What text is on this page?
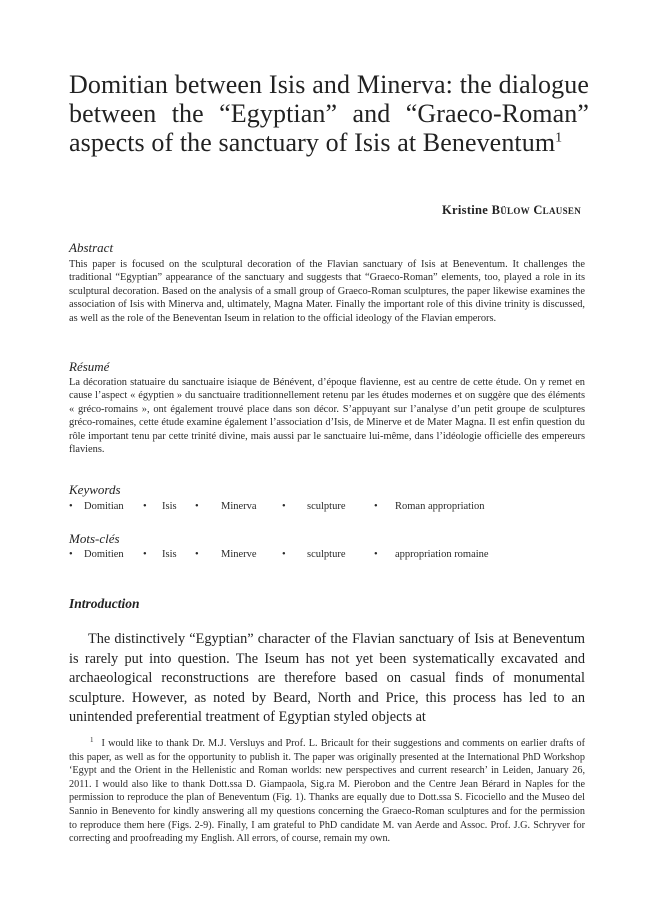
Domitian between Isis and Minerva: the dialogue between the “Egyptian” and “Graeco-Roman” aspects of the sanctuary of Isis at Beneventum$^1$
Kristine Bülow Clausen
Abstract
This paper is focused on the sculptural decoration of the Flavian sanctuary of Isis at Beneventum. It challenges the traditional “Egyptian” appearance of the sanctuary and suggests that “Graeco-Roman” elements, too, played a role in its sculptural decoration. Based on the analysis of a small group of Graeco-Roman sculptures, the paper likewise examines the association of Isis with Minerva and, ultimately, Magna Mater. Finally the important role of this divine trinity is discussed, as well as the role of the Beneventan Iseum in relation to the official ideology of the Flavian emperors.
Résumé
La décoration statuaire du sanctuaire isiaque de Bénévent, d’époque flavienne, est au centre de cette étude. On y remet en cause l’aspect « égyptien » du sanctuaire traditionnellement retenu par les études modernes et on suggère que des éléments « gréco-romains », ont également trouvé place dans son décor. S’appuyant sur l’analyse d’un petit groupe de sculptures gréco-romaines, cette étude examine également l’association d’Isis, de Minerve et de Mater Magna. Il est enfin question du rôle important tenu par cette trinité divine, mais aussi par le sanctuaire lui-même, dans l’idéologie officielle des empereurs flaviens.
Keywords
• Domitian • Isis • Minerva • sculpture	• Roman appropriation
Mots-clés
• Domitien • Isis • Minerve • sculpture	• appropriation romaine
Introduction
The distinctively “Egyptian” character of the Flavian sanctuary of Isis at Beneventum is rarely put into question. The Iseum has not yet been systematically excavated and archaeological reconstructions are therefore based on casual finds of monumental sculpture. However, as noted by Beard, North and Price, this process has led to an unintended preferential treatment of Egyptian styled objects at
$^1$ I would like to thank Dr. M.J. Versluys and Prof. L. Bricault for their suggestions and comments on earlier drafts of this paper, as well as for the opportunity to publish it. The paper was originally presented at the International PhD Workshop ‘Egypt and the Orient in the Hellenistic and Roman worlds: new perspectives and current research’ in Leiden, January 26, 2011. I would also like to thank Dott.ssa D. Giampaola, Sig.ra M. Pierobon and the Centre Jean Bérard in Naples for the permission to reproduce the plan of Beneventum (Fig. 1). Thanks are equally due to Dott.ssa S. Ficociello and the Museo del Sannio in Benevento for kindly answering all my questions concerning the Graeco-Roman sculptures and for the permission to reproduce them here (Figs. 2-9). Finally, I am grateful to PhD candidate M. van Aerde and Assoc. Prof. J.G. Schryver for correcting and proofreading my English. All errors, of course, remain my own.
